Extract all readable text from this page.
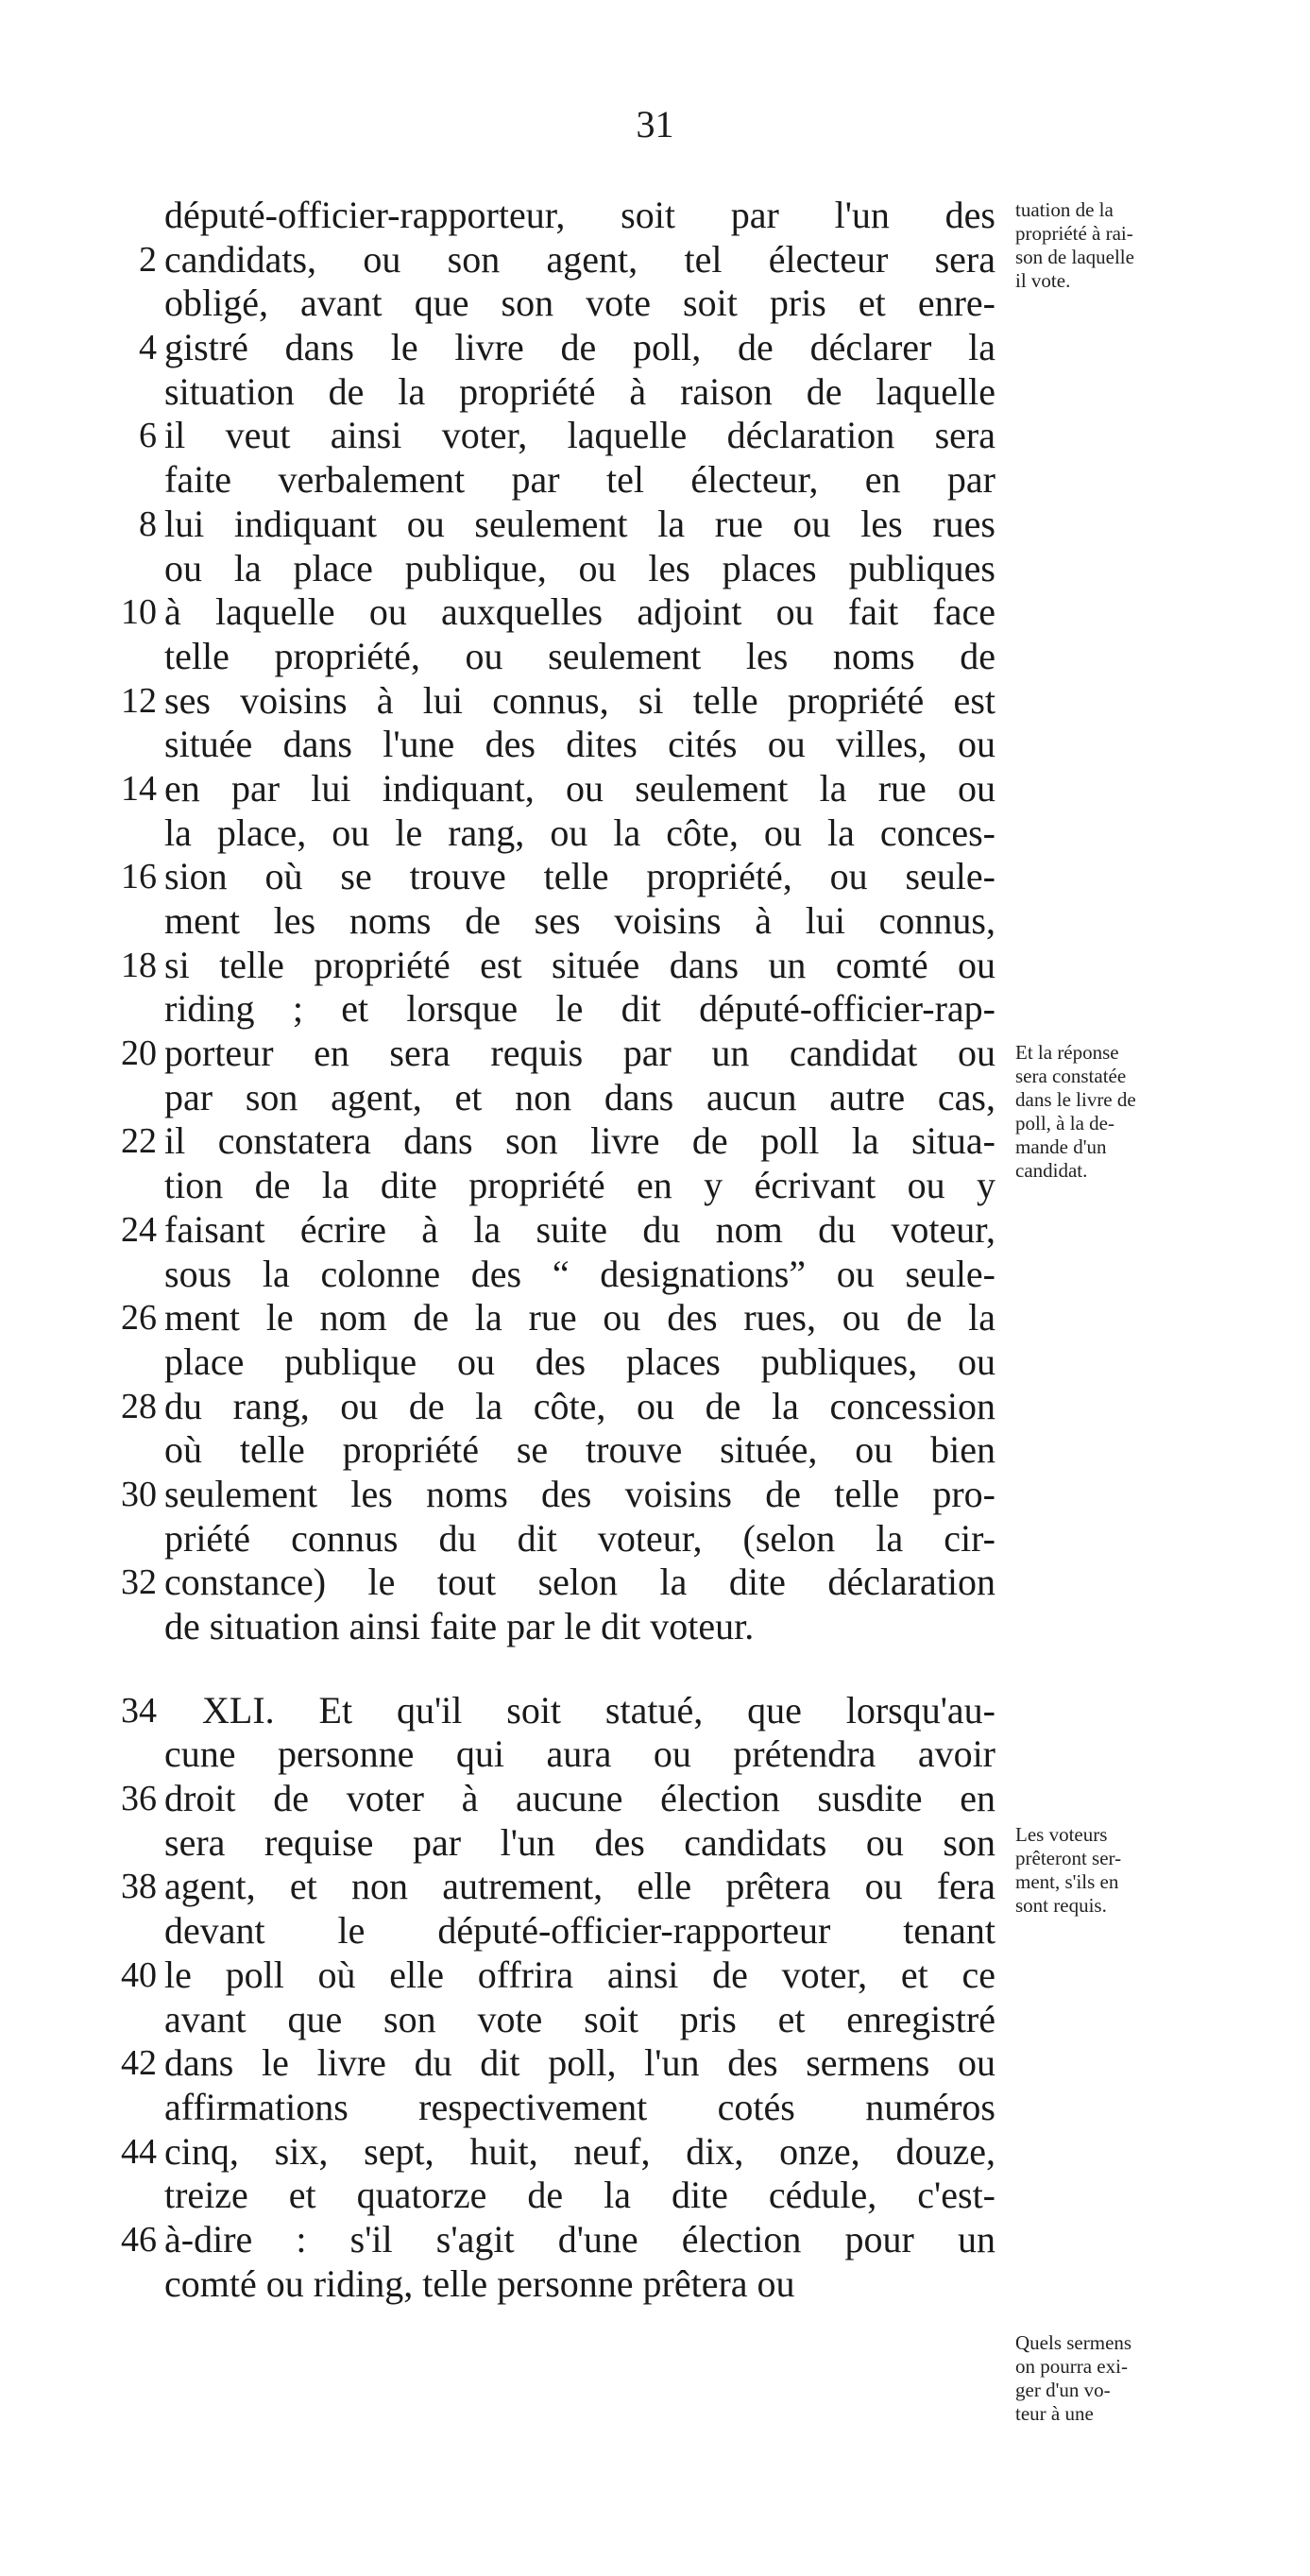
31
député-officier-rapporteur, soit par l'un des
2 candidats, ou son agent, tel électeur sera
obligé, avant que son vote soit pris et enre-
4 gistré dans le livre de poll, de déclarer la
situation de la propriété à raison de laquelle
6 il veut ainsi voter, laquelle déclaration sera
faite verbalement par tel électeur, en par
8 lui indiquant ou seulement la rue ou les rues
ou la place publique, ou les places publiques
10 à laquelle ou auxquelles adjoint ou fait face
telle propriété, ou seulement les noms de
12 ses voisins à lui connus, si telle propriété est
située dans l'une des dites cités ou villes, ou
14 en par lui indiquant, ou seulement la rue ou
la place, ou le rang, ou la côte, ou la conces-
16 sion où se trouve telle propriété, ou seule-
ment les noms de ses voisins à lui connus,
18 si telle propriété est située dans un comté ou
riding ; et lorsque le dit député-officier-rap-
20 porteur en sera requis par un candidat ou
par son agent, et non dans aucun autre cas,
22 il constatera dans son livre de poll la situa-
tion de la dite propriété en y écrivant ou y
24 faisant écrire à la suite du nom du voteur,
sous la colonne des “ designations” ou seule-
26 ment le nom de la rue ou des rues, ou de la
place publique ou des places publiques, ou
28 du rang, ou de la côte, ou de la concession
où telle propriété se trouve située, ou bien
30 seulement les noms des voisins de telle pro-
priété connus du dit voteur, (selon la cir-
32 constance) le tout selon la dite déclaration
de situation ainsi faite par le dit voteur.
34 XLI. Et qu'il soit statué, que lorsqu'au-
cune personne qui aura ou prétendra avoir
36 droit de voter à aucune élection susdite en
sera requise par l'un des candidats ou son
38 agent, et non autrement, elle prêtera ou fera
devant le député-officier-rapporteur tenant
40 le poll où elle offrira ainsi de voter, et ce
avant que son vote soit pris et enregistré
42 dans le livre du dit poll, l'un des sermens ou
affirmations respectivement cotés numéros
44 cinq, six, sept, huit, neuf, dix, onze, douze,
treize et quatorze de la dite cédule, c'est-
46 à-dire : s'il s'agit d'une élection pour un
comté ou riding, telle personne prêtera ou
tuation de la
propriété à rai-
son de laquelle
il vote.
Et la réponse
sera constatée
dans le livre de
poll, à la de-
mande d'un
candidat.
Les voteurs
prêteront ser-
ment, s'ils en
sont requis.
Quels sermens
on pourra exi-
ger d'un vo-
teur à une
